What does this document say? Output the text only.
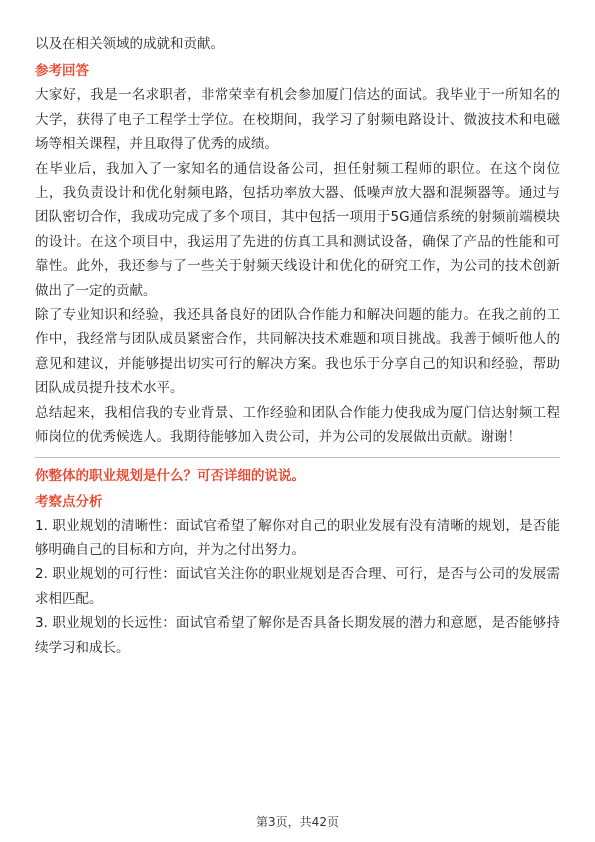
以及在相关领域的成就和贡献。

参考回答

大家好，我是一名求职者，非常荣幸有机会参加厦门信达的面试。我毕业于一所知名的大学，获得了电子工程学士学位。在校期间，我学习了射频电路设计、微波技术和电磁场等相关课程，并且取得了优秀的成绩。

在毕业后，我加入了一家知名的通信设备公司，担任射频工程师的职位。在这个岗位上，我负责设计和优化射频电路，包括功率放大器、低噪声放大器和混频器等。通过与团队密切合作，我成功完成了多个项目，其中包括一项用于5G通信系统的射频前端模块的设计。在这个项目中，我运用了先进的仿真工具和测试设备，确保了产品的性能和可靠性。此外，我还参与了一些关于射频天线设计和优化的研究工作，为公司的技术创新做出了一定的贡献。

除了专业知识和经验，我还具备良好的团队合作能力和解决问题的能力。在我之前的工作中，我经常与团队成员紧密合作，共同解决技术难题和项目挑战。我善于倾听他人的意见和建议，并能够提出切实可行的解决方案。我也乐于分享自己的知识和经验，帮助团队成员提升技术水平。

总结起来，我相信我的专业背景、工作经验和团队合作能力使我成为厦门信达射频工程师岗位的优秀候选人。我期待能够加入贵公司，并为公司的发展做出贡献。谢谢！

你整体的职业规划是什么？可否详细的说说。

考察点分析

1. 职业规划的清晰性：面试官希望了解你对自己的职业发展有没有清晰的规划，是否能够明确自己的目标和方向，并为之付出努力。

2. 职业规划的可行性：面试官关注你的职业规划是否合理、可行，是否与公司的发展需求相匹配。

3. 职业规划的长远性：面试官希望了解你是否具备长期发展的潜力和意愿，是否能够持续学习和成长。

第3页，共42页
